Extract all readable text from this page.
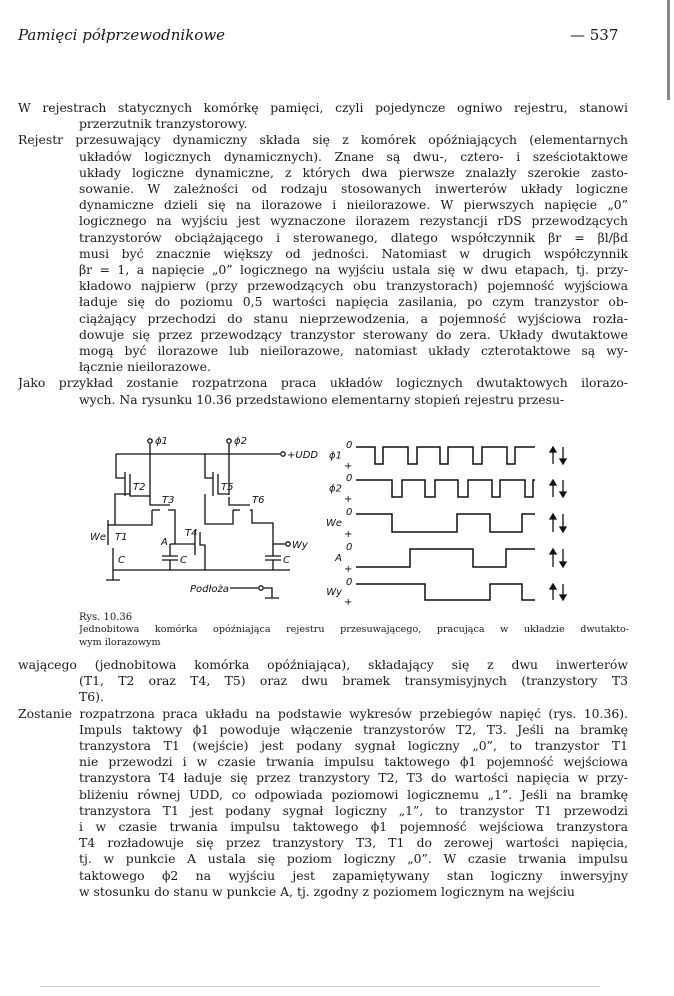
Pamięci półprzewodnikowe	— 537
W rejestrach statycznych komórkę pamięci, czyli pojedyncze ogniwo rejestru, stanowi
przerzutnik tranzystorowy.
Rejestr przesuwający dynamiczny składa się z komórek opóźniających (elementarnych
układów logicznych dynamicznych). Znane są dwu-, cztero- i sześciotaktowe
układy logiczne dynamiczne, z których dwa pierwsze znalazły szerokie zasto-
sowanie. W zależności od rodzaju stosowanych inwerterów układy logiczne
dynamiczne dzieli się na ilorazowe i nieilorazowe. W pierwszych napięcie „0”
logicznego na wyjściu jest wyznaczone ilorazem rezystancji rDS przewodzących
tranzystorów obciążającego i sterowanego, dlatego współczynnik βr = βl/βd
musi być znacznie większy od jedności. Natomiast w drugich współczynnik
βr = 1, a napięcie „0” logicznego na wyjściu ustala się w dwu etapach, tj. przy-
kładowo najpierw (przy przewodzących obu tranzystorach) pojemność wyjściowa
ładuje się do poziomu 0,5 wartości napięcia zasilania, po czym tranzystor ob-
ciążający przechodzi do stanu nieprzewodzenia, a pojemność wyjściowa rozła-
dowuje się przez przewodzący tranzystor sterowany do zera. Układy dwutaktowe
mogą być ilorazowe lub nieilorazowe, natomiast układy czterotaktowe są wy-
łącznie nieilorazowe.
Jako przykład zostanie rozpatrzona praca układów logicznych dwutaktowych ilorazo-
wych. Na rysunku 10.36 przedstawiono elementarny stopień rejestru przesu-
ϕ1	ϕ2
+UDD
T1
T2
T3
T4
T5
T6
We	A
C	C	C
Wy
Podłoża
ϕ1
0
+
ϕ2
0
+
We
0
+
A
0
+
Wy
0
+
Rys. 10.36
Jednobitowa komórka opóźniająca rejestru przesuwającego, pracująca w układzie dwutakto-
wym ilorazowym
wającego (jednobitowa komórka opóźniająca), składający się z dwu inwerterów
(T1, T2 oraz T4, T5) oraz dwu bramek transymisyjnych (tranzystory T3
T6).
Zostanie rozpatrzona praca układu na podstawie wykresów przebiegów napięć (rys. 10.36).
Impuls taktowy ϕ1 powoduje włączenie tranzystorów T2, T3. Jeśli na bramkę
tranzystora T1 (wejście) jest podany sygnał logiczny „0”, to tranzystor T1
nie przewodzi i w czasie trwania impulsu taktowego ϕ1 pojemność wejściowa
tranzystora T4 ładuje się przez tranzystory T2, T3 do wartości napięcia w przy-
bliżeniu równej UDD, co odpowiada poziomowi logicznemu „1”. Jeśli na bramkę
tranzystora T1 jest podany sygnał logiczny „1”, to tranzystor T1 przewodzi
i w czasie trwania impulsu taktowego ϕ1 pojemność wejściowa tranzystora
T4 rozładowuje się przez tranzystory T3, T1 do zerowej wartości napięcia,
tj. w punkcie A ustala się poziom logiczny „0”. W czasie trwania impulsu
taktowego ϕ2 na wyjściu jest zapamiętywany stan logiczny inwersyjny
w stosunku do stanu w punkcie A, tj. zgodny z poziomem logicznym na wejściu
